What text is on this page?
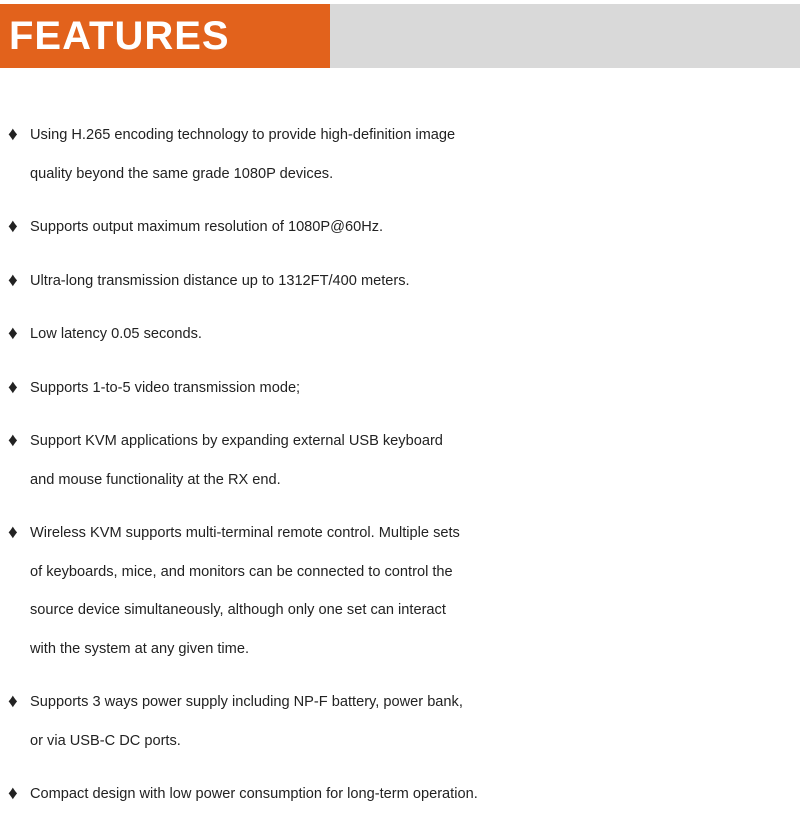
FEATURES
♦ Using H.265 encoding technology to provide high-definition image
quality beyond the same grade 1080P devices.
♦ Supports output maximum resolution of 1080P@60Hz.
♦ Ultra-long transmission distance up to 1312FT/400 meters.
♦ Low latency 0.05 seconds.
♦ Supports 1-to-5 video transmission mode;
♦ Support KVM applications by expanding external USB keyboard
and mouse functionality at the RX end.
♦ Wireless KVM supports multi-terminal remote control. Multiple sets
of keyboards, mice, and monitors can be connected to control the
source device simultaneously, although only one set can interact
with the system at any given time.
♦ Supports 3 ways power supply including NP-F battery, power bank,
or via USB-C DC ports.
♦ Compact design with low power consumption for long-term operation.
